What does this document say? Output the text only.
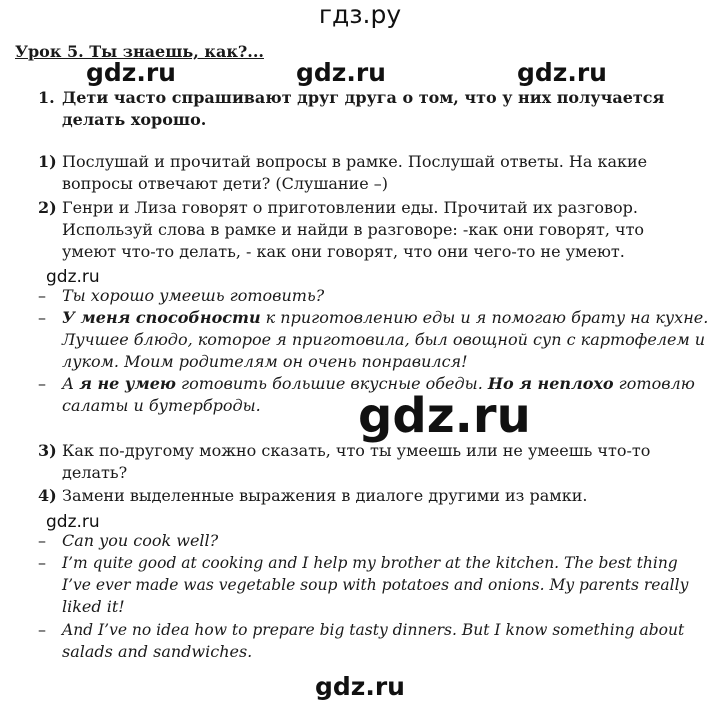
гдз.ру
gdz.ru	gdz.ru	gdz.ru
gdz.ru
gdz.ru
gdz.ru
gdz.ru
Урок 5. Ты знаешь, как?...
1. Дети часто спрашивают друг друга о том, что у них получается
делать хорошо.
1) Послушай и прочитай вопросы в рамке. Послушай ответы. На какие
вопросы отвечают дети? (Слушание –)
2) Генри и Лиза говорят о приготовлении еды. Прочитай их разговор.
Используй слова в рамке и найди в разговоре: -как они говорят, что
умеют что-то делать, - как они говорят, что они чего-то не умеют.
– Ты хорошо умеешь готовить?
– У меня способности к приготовлению еды и я помогаю брату на кухне.
Лучшее блюдо, которое я приготовила, был овощной суп с картофелем и
луком. Моим родителям он очень понравился!
– А я не умею готовить большие вкусные обеды. Но я неплохо готовлю
салаты и бутерброды.
3) Как по-другому можно сказать, что ты умеешь или не умеешь что-то
делать?
4) Замени выделенные выражения в диалоге другими из рамки.
– Can you cook well?
– I’m quite good at cooking and I help my brother at the kitchen. The best thing
I’ve ever made was vegetable soup with potatoes and onions. My parents really
liked it!
– And I’ve no idea how to prepare big tasty dinners. But I know something about
salads and sandwiches.
